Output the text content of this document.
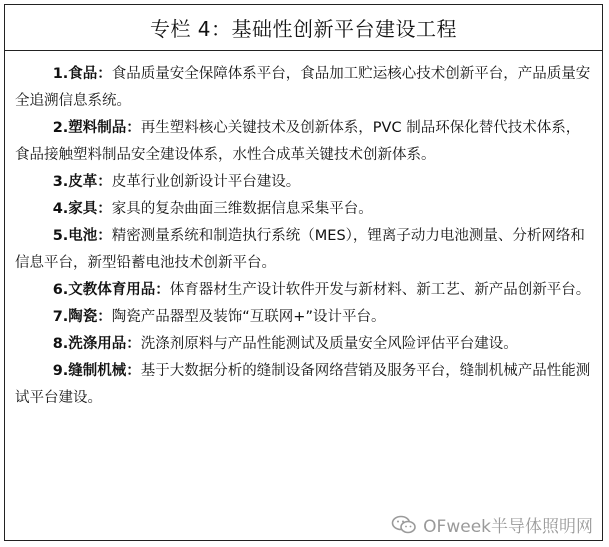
专栏 4：基础性创新平台建设工程

1.食品：食品质量安全保障体系平台，食品加工贮运核心技术创新平台，产品质量安全追溯信息系统。

2.塑料制品：再生塑料核心关键技术及创新体系，PVC 制品环保化替代技术体系，食品接触塑料制品安全建设体系，水性合成革关键技术创新体系。

3.皮革：皮革行业创新设计平台建设。

4.家具：家具的复杂曲面三维数据信息采集平台。

5.电池：精密测量系统和制造执行系统（MES），锂离子动力电池测量、分析网络和信息平台，新型铅蓄电池技术创新平台。

6.文教体育用品：体育器材生产设计软件开发与新材料、新工艺、新产品创新平台。

7.陶瓷：陶瓷产品器型及装饰“互联网+”设计平台。

8.洗涤用品：洗涤剂原料与产品性能测试及质量安全风险评估平台建设。

9.缝制机械：基于大数据分析的缝制设备网络营销及服务平台，缝制机械产品性能测试平台建设。

OFweek半导体照明网
